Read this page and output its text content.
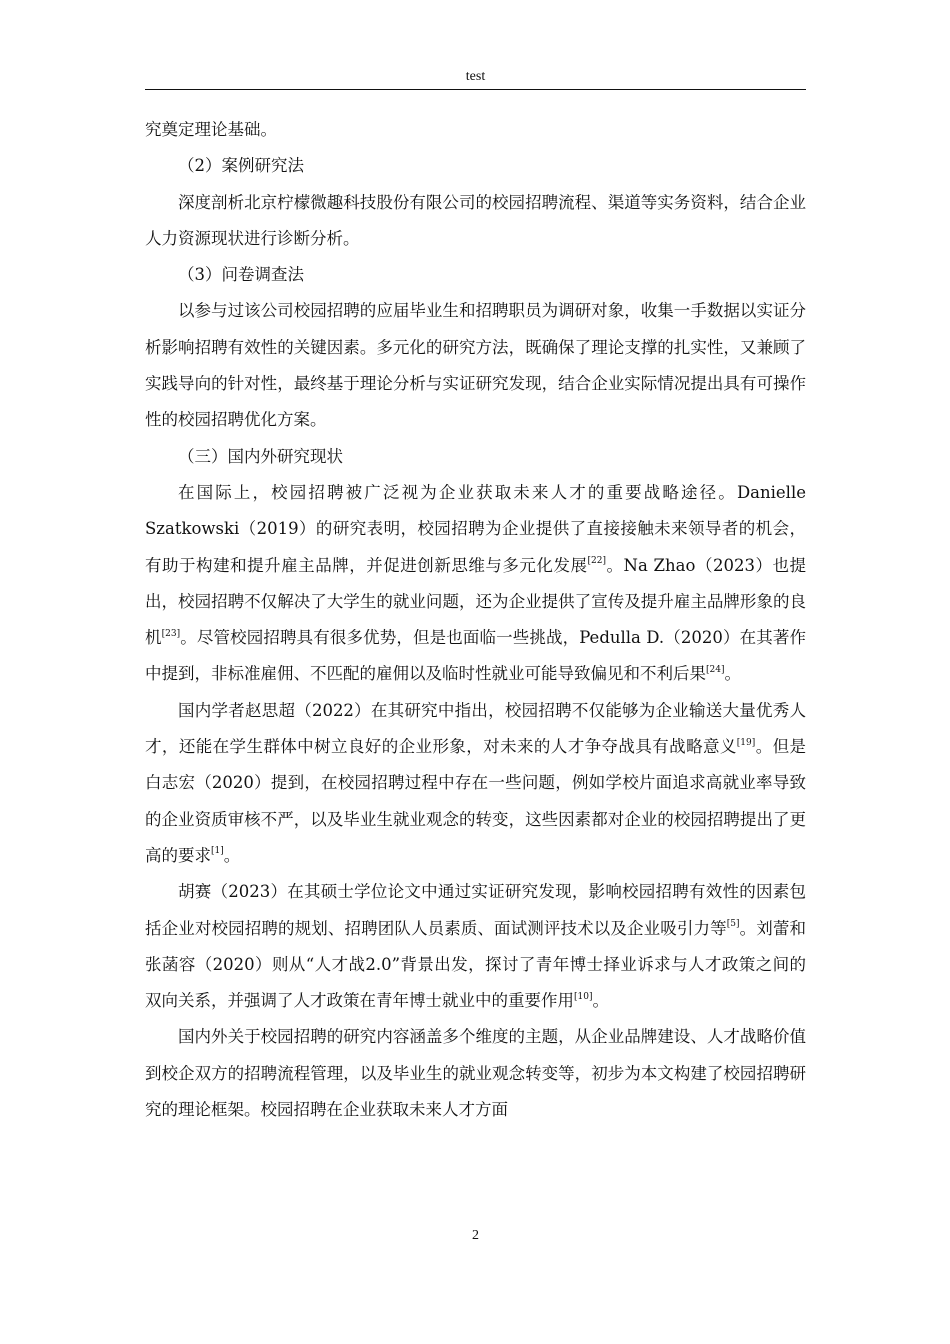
test

究奠定理论基础。

（2）案例研究法

深度剖析北京柠檬微趣科技股份有限公司的校园招聘流程、渠道等实务资料，结合企业人力资源现状进行诊断分析。

（3）问卷调查法

以参与过该公司校园招聘的应届毕业生和招聘职员为调研对象，收集一手数据以实证分析影响招聘有效性的关键因素。多元化的研究方法，既确保了理论支撑的扎实性，又兼顾了实践导向的针对性，最终基于理论分析与实证研究发现，结合企业实际情况提出具有可操作性的校园招聘优化方案。

（三）国内外研究现状

在国际上，校园招聘被广泛视为企业获取未来人才的重要战略途径。Danielle Szatkowski（2019）的研究表明，校园招聘为企业提供了直接接触未来领导者的机会，有助于构建和提升雇主品牌，并促进创新思维与多元化发展[22]。Na Zhao（2023）也提出，校园招聘不仅解决了大学生的就业问题，还为企业提供了宣传及提升雇主品牌形象的良机[23]。尽管校园招聘具有很多优势，但是也面临一些挑战，Pedulla D.（2020）在其著作中提到，非标准雇佣、不匹配的雇佣以及临时性就业可能导致偏见和不利后果[24]。

国内学者赵思超（2022）在其研究中指出，校园招聘不仅能够为企业输送大量优秀人才，还能在学生群体中树立良好的企业形象，对未来的人才争夺战具有战略意义[19]。但是白志宏（2020）提到，在校园招聘过程中存在一些问题，例如学校片面追求高就业率导致的企业资质审核不严，以及毕业生就业观念的转变，这些因素都对企业的校园招聘提出了更高的要求[1]。

胡赛（2023）在其硕士学位论文中通过实证研究发现，影响校园招聘有效性的因素包括企业对校园招聘的规划、招聘团队人员素质、面试测评技术以及企业吸引力等[5]。刘蕾和张菡容（2020）则从“人才战2.0”背景出发，探讨了青年博士择业诉求与人才政策之间的双向关系，并强调了人才政策在青年博士就业中的重要作用[10]。

国内外关于校园招聘的研究内容涵盖多个维度的主题，从企业品牌建设、人才战略价值到校企双方的招聘流程管理，以及毕业生的就业观念转变等，初步为本文构建了校园招聘研究的理论框架。校园招聘在企业获取未来人才方面

2
